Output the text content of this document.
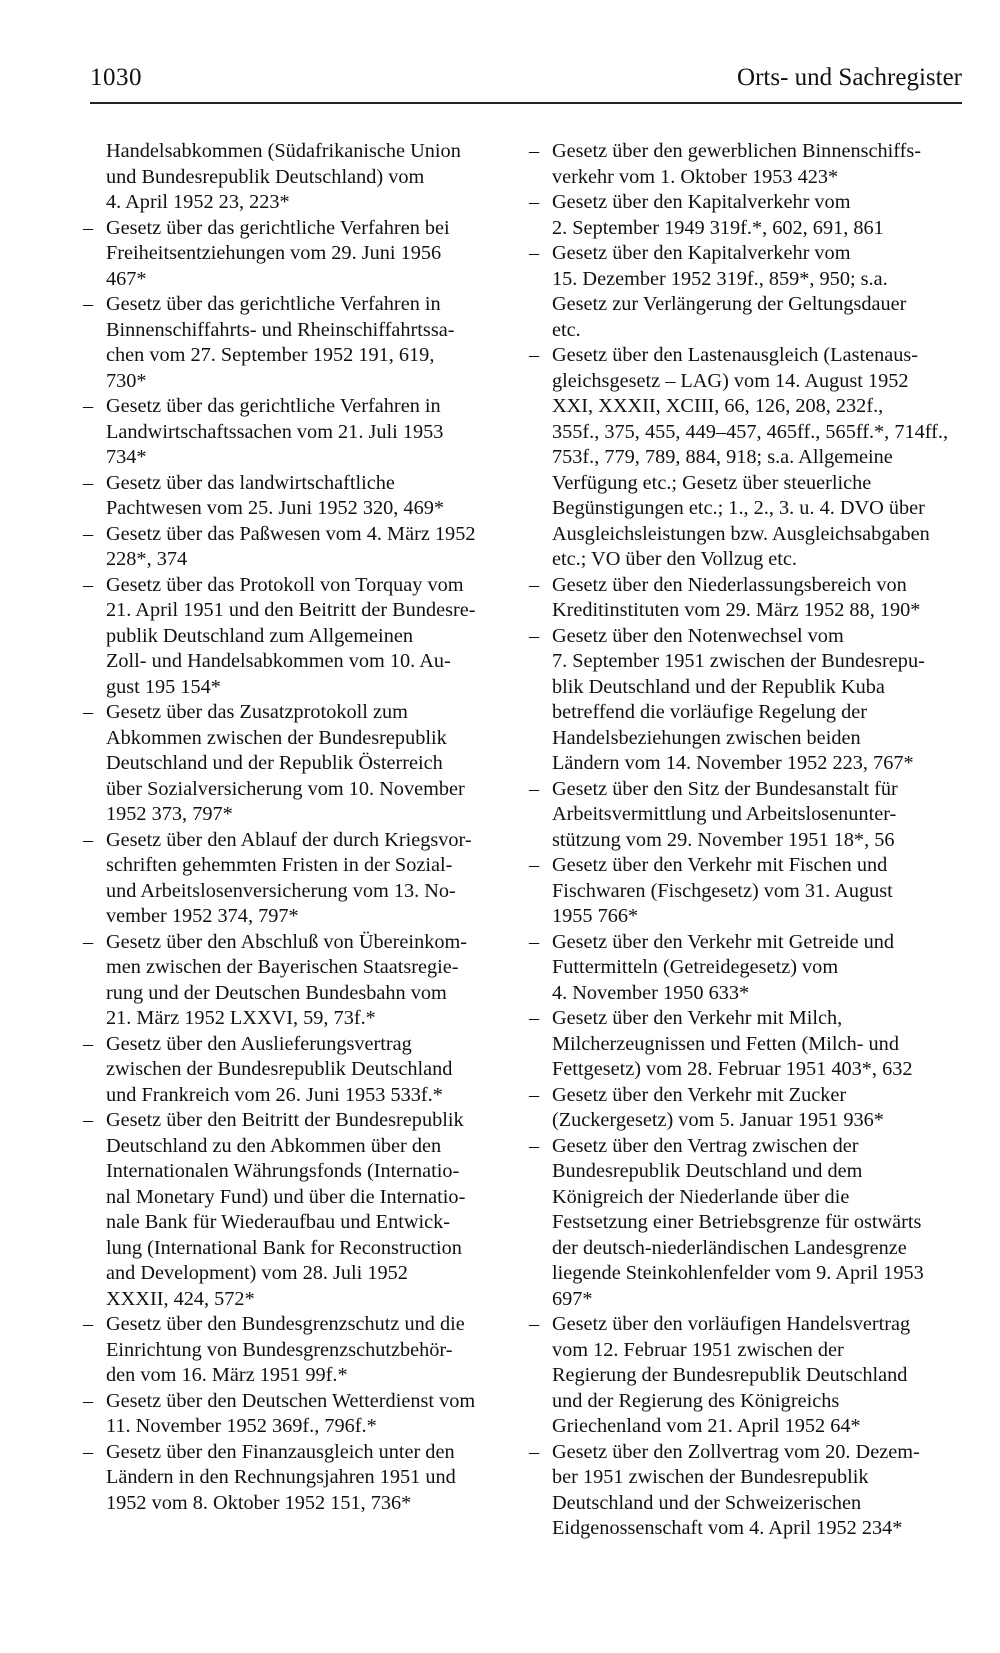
1030	Orts- und Sachregister
Handelsabkommen (Südafrikanische Union
und Bundesrepublik Deutschland) vom
4. April 1952 23, 223*
– Gesetz über das gerichtliche Verfahren bei
Freiheitsentziehungen vom 29. Juni 1956
467*
– Gesetz über das gerichtliche Verfahren in
Binnenschiffahrts- und Rheinschiffahrtssa-
chen vom 27. September 1952 191, 619,
730*
– Gesetz über das gerichtliche Verfahren in
Landwirtschaftssachen vom 21. Juli 1953
734*
– Gesetz über das landwirtschaftliche
Pachtwesen vom 25. Juni 1952 320, 469*
– Gesetz über das Paßwesen vom 4. März 1952
228*, 374
– Gesetz über das Protokoll von Torquay vom
21. April 1951 und den Beitritt der Bundesre-
publik Deutschland zum Allgemeinen
Zoll- und Handelsabkommen vom 10. Au-
gust 195 154*
– Gesetz über das Zusatzprotokoll zum
Abkommen zwischen der Bundesrepublik
Deutschland und der Republik Österreich
über Sozialversicherung vom 10. November
1952 373, 797*
– Gesetz über den Ablauf der durch Kriegsvor-
schriften gehemmten Fristen in der Sozial-
und Arbeitslosenversicherung vom 13. No-
vember 1952 374, 797*
– Gesetz über den Abschluß von Übereinkom-
men zwischen der Bayerischen Staatsregie-
rung und der Deutschen Bundesbahn vom
21. März 1952 LXXVI, 59, 73f.*
– Gesetz über den Auslieferungsvertrag
zwischen der Bundesrepublik Deutschland
und Frankreich vom 26. Juni 1953 533f.*
– Gesetz über den Beitritt der Bundesrepublik
Deutschland zu den Abkommen über den
Internationalen Währungsfonds (Internatio-
nal Monetary Fund) und über die Internatio-
nale Bank für Wiederaufbau und Entwick-
lung (International Bank for Reconstruction
and Development) vom 28. Juli 1952
XXXII, 424, 572*
– Gesetz über den Bundesgrenzschutz und die
Einrichtung von Bundesgrenzschutzbehör-
den vom 16. März 1951 99f.*
– Gesetz über den Deutschen Wetterdienst vom
11. November 1952 369f., 796f.*
– Gesetz über den Finanzausgleich unter den
Ländern in den Rechnungsjahren 1951 und
1952 vom 8. Oktober 1952 151, 736*
– Gesetz über den gewerblichen Binnenschiffs-
verkehr vom 1. Oktober 1953 423*
– Gesetz über den Kapitalverkehr vom
2. September 1949 319f.*, 602, 691, 861
– Gesetz über den Kapitalverkehr vom
15. Dezember 1952 319f., 859*, 950; s.a.
Gesetz zur Verlängerung der Geltungsdauer
etc.
– Gesetz über den Lastenausgleich (Lastenaus-
gleichsgesetz – LAG) vom 14. August 1952
XXI, XXXII, XCIII, 66, 126, 208, 232f.,
355f., 375, 455, 449–457, 465ff., 565ff.*, 714ff.,
753f., 779, 789, 884, 918; s.a. Allgemeine
Verfügung etc.; Gesetz über steuerliche
Begünstigungen etc.; 1., 2., 3. u. 4. DVO über
Ausgleichsleistungen bzw. Ausgleichsabgaben
etc.; VO über den Vollzug etc.
– Gesetz über den Niederlassungsbereich von
Kreditinstituten vom 29. März 1952 88, 190*
– Gesetz über den Notenwechsel vom
7. September 1951 zwischen der Bundesrepu-
blik Deutschland und der Republik Kuba
betreffend die vorläufige Regelung der
Handelsbeziehungen zwischen beiden
Ländern vom 14. November 1952 223, 767*
– Gesetz über den Sitz der Bundesanstalt für
Arbeitsvermittlung und Arbeitslosenunter-
stützung vom 29. November 1951 18*, 56
– Gesetz über den Verkehr mit Fischen und
Fischwaren (Fischgesetz) vom 31. August
1955 766*
– Gesetz über den Verkehr mit Getreide und
Futtermitteln (Getreidegesetz) vom
4. November 1950 633*
– Gesetz über den Verkehr mit Milch,
Milcherzeugnissen und Fetten (Milch- und
Fettgesetz) vom 28. Februar 1951 403*, 632
– Gesetz über den Verkehr mit Zucker
(Zuckergesetz) vom 5. Januar 1951 936*
– Gesetz über den Vertrag zwischen der
Bundesrepublik Deutschland und dem
Königreich der Niederlande über die
Festsetzung einer Betriebsgrenze für ostwärts
der deutsch-niederländischen Landesgrenze
liegende Steinkohlenfelder vom 9. April 1953
697*
– Gesetz über den vorläufigen Handelsvertrag
vom 12. Februar 1951 zwischen der
Regierung der Bundesrepublik Deutschland
und der Regierung des Königreichs
Griechenland vom 21. April 1952 64*
– Gesetz über den Zollvertrag vom 20. Dezem-
ber 1951 zwischen der Bundesrepublik
Deutschland und der Schweizerischen
Eidgenossenschaft vom 4. April 1952 234*
